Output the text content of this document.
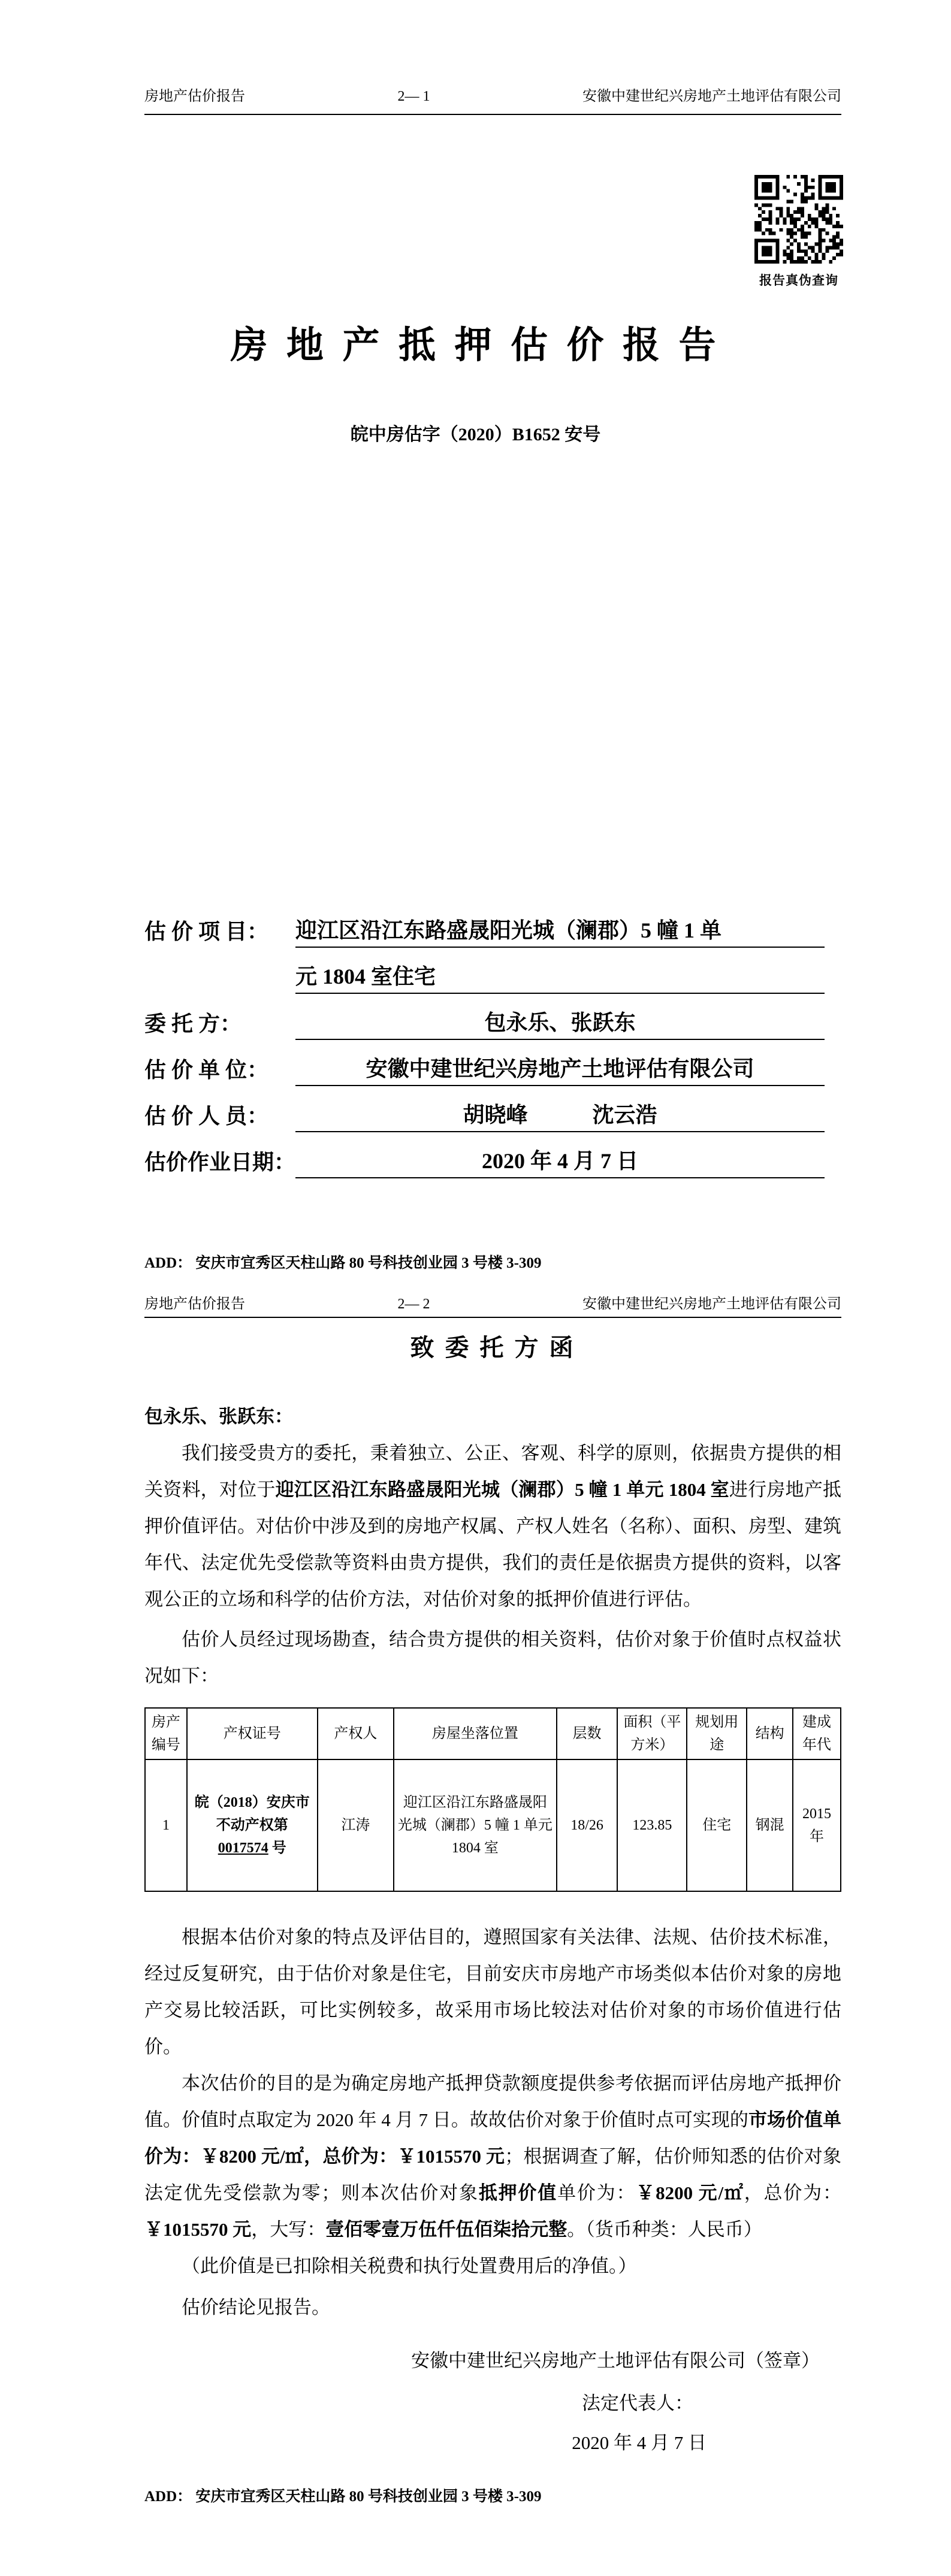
房地产估价报告	2— 1	安徽中建世纪兴房地产土地评估有限公司
报告真伪查询
房 地 产 抵 押 估 价 报 告
皖中房估字（2020）B1652 安号
估 价 项 目：	迎江区沿江东路盛晟阳光城（澜郡）5 幢 1 单
元 1804 室住宅
委 托 方：	包永乐、张跃东
估 价 单 位：	安徽中建世纪兴房地产土地评估有限公司
估 价 人 员：	胡晓峰　　　沈云浩
估价作业日期：	2020 年 4 月 7 日
ADD： 安庆市宜秀区天柱山路 80 号科技创业园 3 号楼 3-309
房地产估价报告	2— 2	安徽中建世纪兴房地产土地评估有限公司
致 委 托 方 函
包永乐、张跃东：

我们接受贵方的委托，秉着独立、公正、客观、科学的原则，依据贵方提供的相关资料，对位于迎江区沿江东路盛晟阳光城（澜郡）5 幢 1 单元 1804 室进行房地产抵押价值评估。对估价中涉及到的房地产权属、产权人姓名（名称）、面积、房型、建筑年代、法定优先受偿款等资料由贵方提供，我们的责任是依据贵方提供的资料，以客观公正的立场和科学的估价方法，对估价对象的抵押价值进行评估。

估价人员经过现场勘查，结合贵方提供的相关资料，估价对象于价值时点权益状况如下：

房产编号	产权证号	产权人	房屋坐落位置	层数	面积（平方米）	规划用途	结构	建成年代
1	皖（2018）安庆市不动产权第 0017574 号	江涛	迎江区沿江东路盛晟阳光城（澜郡）5 幢 1 单元 1804 室	18/26	123.85	住宅	钢混	2015 年

根据本估价对象的特点及评估目的，遵照国家有关法律、法规、估价技术标准，经过反复研究，由于估价对象是住宅，目前安庆市房地产市场类似本估价对象的房地产交易比较活跃，可比实例较多，故采用市场比较法对估价对象的市场价值进行估价。

本次估价的目的是为确定房地产抵押贷款额度提供参考依据而评估房地产抵押价值。价值时点取定为 2020 年 4 月 7 日。故故估价对象于价值时点可实现的市场价值单价为：￥8200 元/㎡，总价为：￥1015570 元；根据调查了解，估价师知悉的估价对象法定优先受偿款为零；则本次估价对象抵押价值单价为：￥8200 元/㎡，总价为：￥1015570 元，大写：壹佰零壹万伍仟伍佰柒拾元整。（货币种类：人民币）

（此价值是已扣除相关税费和执行处置费用后的净值。）

估价结论见报告。

安徽中建世纪兴房地产土地评估有限公司（签章）
法定代表人：
2020 年 4 月 7 日
ADD： 安庆市宜秀区天柱山路 80 号科技创业园 3 号楼 3-309
